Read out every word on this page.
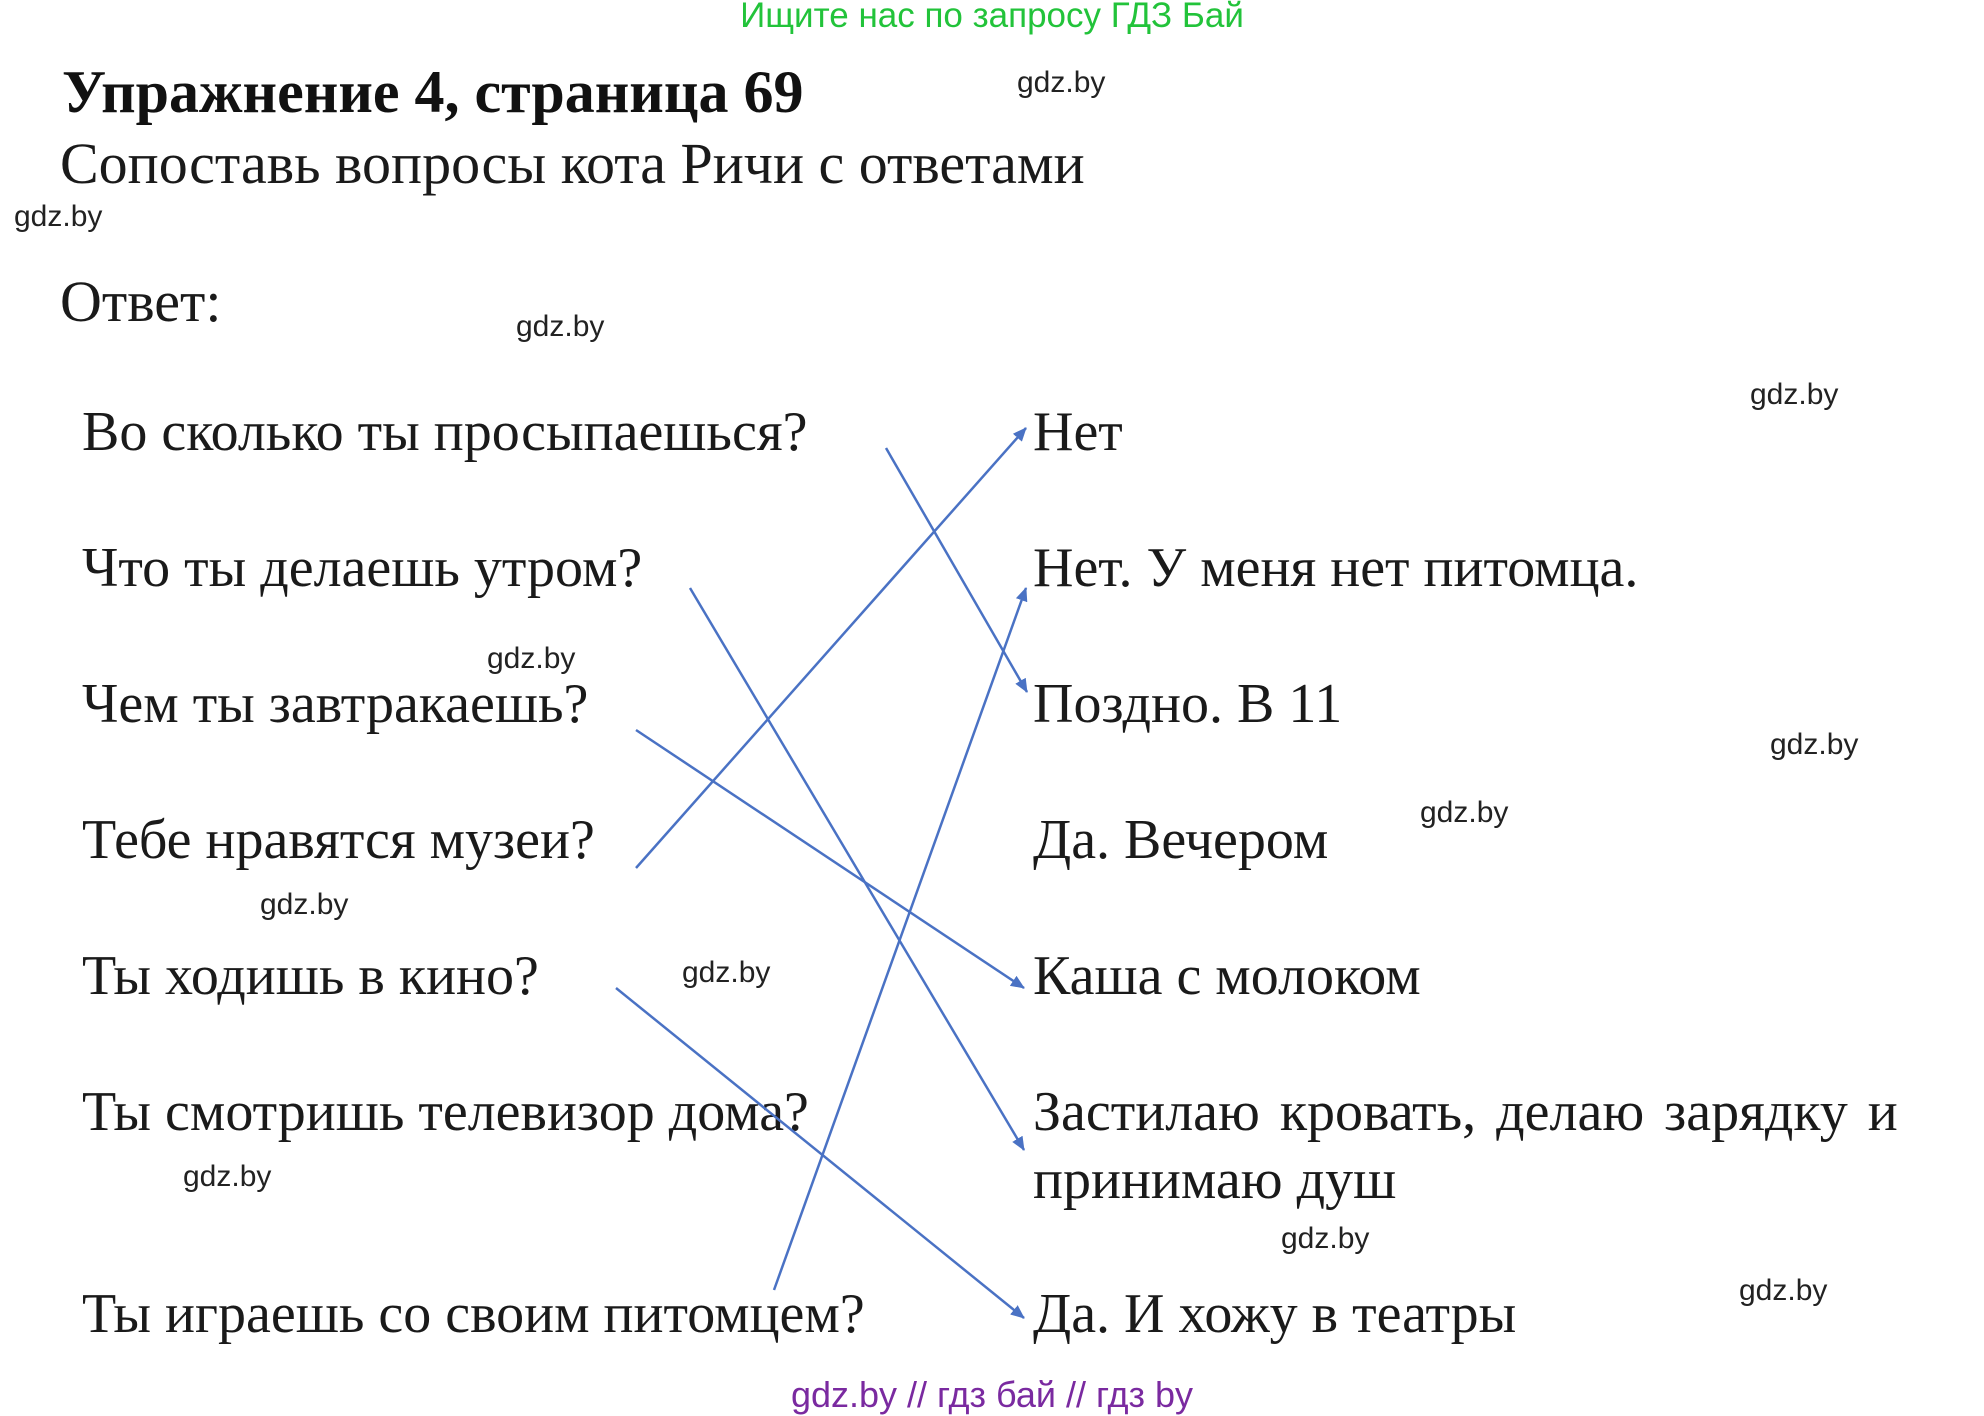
Ищите нас по запросу ГДЗ Бай
Упражнение 4, страница 69
Сопоставь вопросы кота Ричи с ответами
Ответ:
Во сколько ты просыпаешься?
Что ты делаешь утром?
Чем ты завтракаешь?
Тебе нравятся музеи?
Ты ходишь в кино?
Ты смотришь телевизор дома?
Ты играешь со своим питомцем?
Нет
Нет. У меня нет питомца.
Поздно. В 11
Да. Вечером
Каша с молоком
Застилаю кровать, делаю зарядку и
принимаю душ
Да. И хожу в театры
gdz.by
gdz.by
gdz.by
gdz.by
gdz.by
gdz.by
gdz.by
gdz.by
gdz.by
gdz.by
gdz.by
gdz.by
gdz.by // гдз бай // гдз by
